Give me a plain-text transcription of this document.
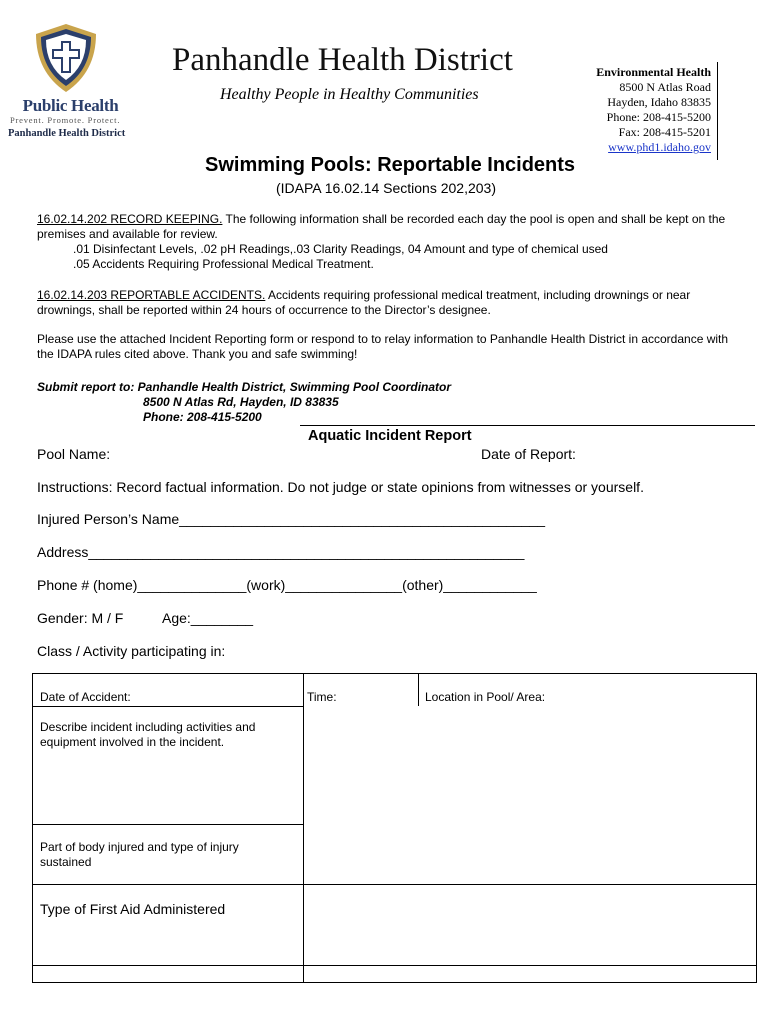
Public Health
Prevent. Promote. Protect.
Panhandle Health District
Panhandle Health District
Healthy People in Healthy Communities
Environmental Health
8500 N Atlas Road
Hayden, Idaho 83835
Phone: 208-415-5200
Fax: 208-415-5201
www.phd1.idaho.gov
Swimming Pools: Reportable Incidents
(IDAPA 16.02.14 Sections 202,203)
16.02.14.202 RECORD KEEPING. The following information shall be recorded each day the pool is open and shall be kept on the premises and available for review.
.01 Disinfectant Levels, .02 pH Readings,.03 Clarity Readings, 04 Amount and type of chemical used
.05 Accidents Requiring Professional Medical Treatment.
16.02.14.203 REPORTABLE ACCIDENTS. Accidents requiring professional medical treatment, including drownings or near drownings, shall be reported within 24 hours of occurrence to the Director’s designee.
Please use the attached Incident Reporting form or respond to to relay information to Panhandle Health District in accordance with the IDAPA rules cited above. Thank you and safe swimming!
Submit report to: Panhandle Health District, Swimming Pool Coordinator
8500 N Atlas Rd, Hayden, ID 83835
Phone: 208-415-5200
Aquatic Incident Report
Pool Name:	Date of Report:
Instructions: Record factual information. Do not judge or state opinions from witnesses or yourself.
Injured Person’s Name_______________________________________________
Address________________________________________________________
Phone # (home)______________(work)_______________(other)____________
Gender: M / F	Age:________
Class / Activity participating in:
Date of Accident:	Time:	Location in Pool/ Area:
Describe incident including activities and equipment involved in the incident.
Part of body injured and type of injury sustained
Type of First Aid Administered
